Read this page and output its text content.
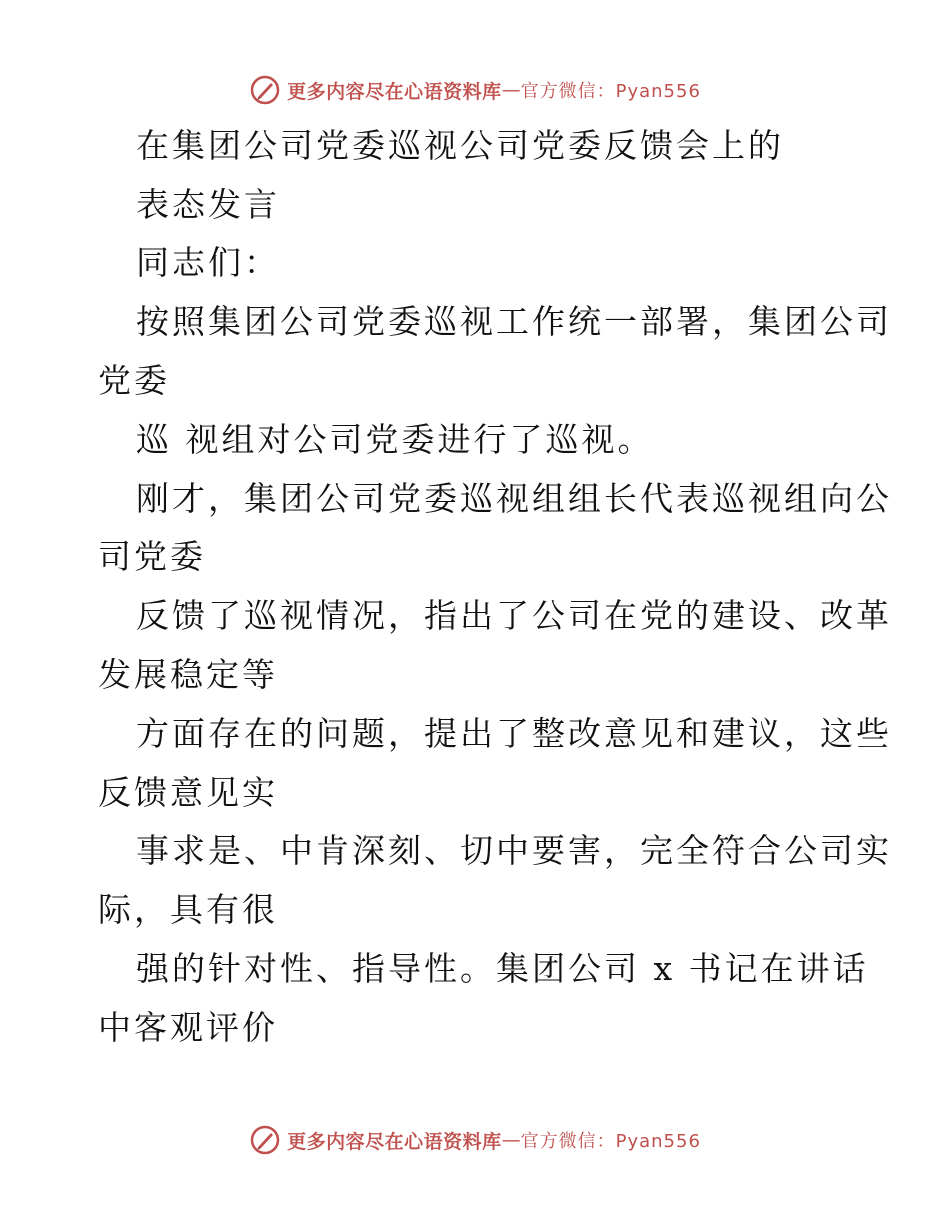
更多内容尽在心语资料库 — 官方微信：Pyan556
在集团公司党委巡视公司党委反馈会上的
表态发言
同志们：
按照集团公司党委巡视工作统一部署，集团公司
党委
巡 视组对公司党委进行了巡视。
刚才，集团公司党委巡视组组长代表巡视组向公
司党委
反馈了巡视情况，指出了公司在党的建设、改革
发展稳定等
方面存在的问题，提出了整改意见和建议，这些
反馈意见实
事求是、中肯深刻、切中要害，完全符合公司实
际，具有很
强的针对性、指导性。集团公司 x 书记在讲话
中客观评价
更多内容尽在心语资料库 — 官方微信：Pyan556
